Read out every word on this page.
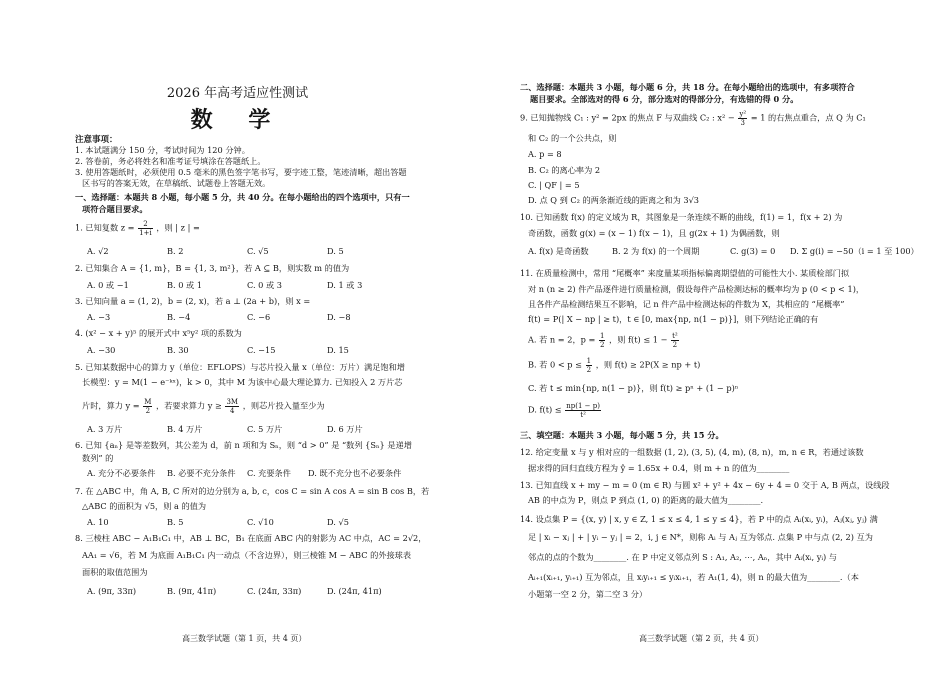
2026 年高考适应性测试
数 学
注意事项：
1. 本试题满分 150 分，考试时间为 120 分钟。
2. 答卷前，务必将姓名和准考证号填涂在答题纸上。
3. 使用答题纸时，必须使用 0.5 毫米的黑色签字笔书写，要字迹工整，笔迹清晰，超出答题
区书写的答案无效，在草稿纸、试题卷上答题无效。
一、选择题：本题共 8 小题，每小题 5 分，共 40 分。在每小题给出的四个选项中，只有一
项符合题目要求。
1. 已知复数 $z = \frac{2}{1+i}$ ，则 | z | =
A. √2	B. 2	C. √5	D. 5
2. 已知集合 A = {1, m}，B = {1, 3, m²}，若 A ⊆ B，则实数 m 的值为
A. 0 或 −1	B. 0 或 1	C. 0 或 3	D. 1 或 3
3. 已知向量 a = (1, 2)，b = (2, x)，若 a ⊥ (2a + b)，则 x =
A. −3	B. −4	C. −6	D. −8
4. (x² − x + y)⁵ 的展开式中 x⁵y² 项的系数为
A. −30	B. 30	C. −15	D. 15
5. 已知某数据中心的算力 y（单位：EFLOPS）与芯片投入量 x（单位：万片）满足饱和增
长模型：y = M(1 − e⁻ᵏˣ)，k > 0，其中 M 为该中心最大理论算力. 已知投入 2 万片芯
片时，算力 $y = \frac{M}{2}$ ，若要求算力 $y \ge \frac{3M}{4}$ ，则芯片投入量至少为
A. 3 万片	B. 4 万片	C. 5 万片	D. 6 万片
6. 已知 {aₙ} 是等差数列，其公差为 d，前 n 项和为 Sₙ，则 “d > 0” 是 “数列 {Sₙ} 是递增
数列” 的
A. 充分不必要条件 B. 必要不充分条件 C. 充要条件 D. 既不充分也不必要条件
7. 在 △ABC 中，角 A, B, C 所对的边分别为 a, b, c，cos C = sin A cos A = sin B cos B，若
△ABC 的面积为 √5，则 a 的值为
A. 10	B. 5	C. √10	D. √5
8. 三棱柱 ABC − A₁B₁C₁ 中，AB ⊥ BC，B₁ 在底面 ABC 内的射影为 AC 中点，AC = 2√2，
AA₁ = √6，若 M 为底面 A₁B₁C₁ 内一动点（不含边界），则三棱锥 M − ABC 的外接球表
面积的取值范围为
A. (9π, 33π)	B. (9π, 41π)	C. (24π, 33π)	D. (24π, 41π)
高三数学试题（第 1 页，共 4 页）
二、选择题：本题共 3 小题，每小题 6 分，共 18 分。在每小题给出的选项中，有多项符合
题目要求。全部选对的得 6 分，部分选对的得部分分，有选错的得 0 分。
9. 已知抛物线 C₁ : y² = 2px 的焦点 F 与双曲线 C₂ : $x^2 - \frac{\text{y²}}{3} = 1$ 的右焦点重合，点 Q 为 C₁
和 C₂ 的一个公共点，则
A. p = 8
B. C₂ 的离心率为 2
C. | QF | = 5
D. 点 Q 到 C₂ 的两条渐近线的距离之和为 3√3
10. 已知函数 f(x) 的定义域为 R，其图象是一条连续不断的曲线，f(1) = 1，f(x + 2) 为
奇函数，函数 g(x) = (x − 1) f(x − 1)，且 g(2x + 1) 为偶函数，则
A. f(x) 是奇函数	B. 2 为 f(x) 的一个周期	C. g(3) = 0 D. Σ g(i) = −50（i = 1 至 100）
11. 在质量检测中，常用 “尾概率” 来度量某项指标偏离期望值的可能性大小. 某质检部门拟
对 n (n ≥ 2) 件产品逐件进行质量检测，假设每件产品检测达标的概率均为 p (0 < p < 1)，
且各件产品检测结果互不影响，记 n 件产品中检测达标的件数为 X，其相应的 “尾概率”
f(t) = P(| X − np | ≥ t)，t ∈ [0, max{np, n(1 − p)}]，则下列结论正确的有
A. 若 n = 2，$p = \frac{1}{2}$ ，则 $f(t) \le 1 - \frac{\text{t²}}{2}$
B. 若 $0 < p \le \frac{1}{2}$ ，则 f(t) ≥ 2P(X ≥ np + t)
C. 若 t ≤ min{np, n(1 − p)}，则 f(t) ≥ pⁿ + (1 − p)ⁿ
D. $f(t) \le \frac{np(1 - p)}{\text{t²}}$
三、填空题：本题共 3 小题，每小题 5 分，共 15 分。
12. 给定变量 x 与 y 相对应的一组数据 (1, 2), (3, 5), (4, m), (8, n)，m, n ∈ R，若通过该数
据求得的回归直线方程为 ŷ = 1.65x + 0.4，则 m + n 的值为________
13. 已知直线 x + my − m = 0 (m ∈ R) 与圆 x² + y² + 4x − 6y + 4 = 0 交于 A, B 两点，设线段
AB 的中点为 P，则点 P 到点 (1, 0) 的距离的最大值为________.
14. 设点集 P = {(x, y) | x, y ∈ Z, 1 ≤ x ≤ 4, 1 ≤ y ≤ 4}，若 P 中的点 Aᵢ(xᵢ, yᵢ)，Aⱼ(xⱼ, yⱼ) 满
足 | xᵢ − xⱼ | + | yᵢ − yⱼ | = 2，i, j ∈ N*，则称 Aᵢ 与 Aⱼ 互为邻点. 点集 P 中与点 (2, 2) 互为
邻点的点的个数为________. 在 P 中定义邻点列 S : A₁, A₂, ⋯, Aₙ，其中 Aᵢ(xᵢ, yᵢ) 与
Aᵢ₊₁(xᵢ₊₁, yᵢ₊₁) 互为邻点，且 xᵢyᵢ₊₁ ≤ yᵢxᵢ₊₁，若 A₁(1, 4)，则 n 的最大值为________.（本
小题第一空 2 分，第二空 3 分）
高三数学试题（第 2 页，共 4 页）
